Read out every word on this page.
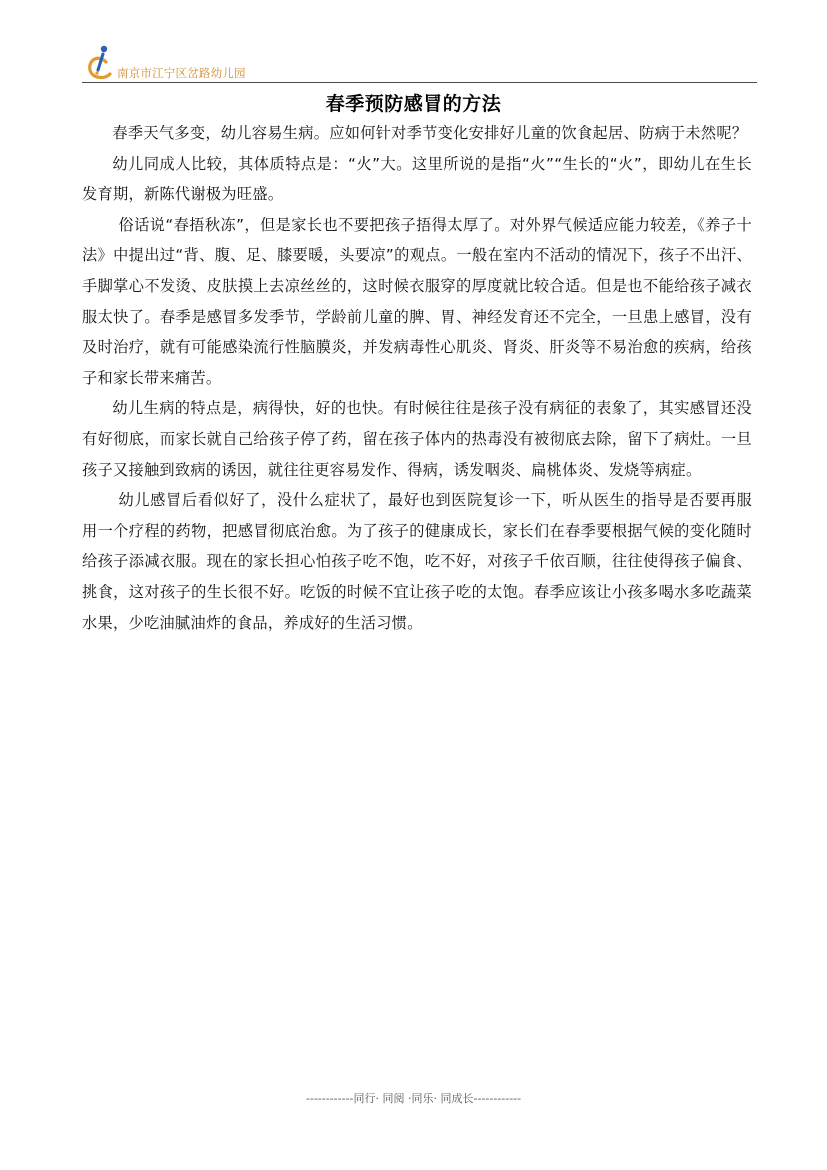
南京市江宁区岔路幼儿园
春季预防感冒的方法

春季天气多变，幼儿容易生病。应如何针对季节变化安排好儿童的饮食起居、防病于未然呢？

幼儿同成人比较，其体质特点是：“火”大。这里所说的是指“火”“生长的“火”，即幼儿在生长发育期，新陈代谢极为旺盛。

俗话说“春捂秋冻”，但是家长也不要把孩子捂得太厚了。对外界气候适应能力较差，《养子十法》中提出过“背、腹、足、膝要暖，头要凉”的观点。一般在室内不活动的情况下，孩子不出汗、手脚掌心不发烫、皮肤摸上去凉丝丝的，这时候衣服穿的厚度就比较合适。但是也不能给孩子减衣服太快了。春季是感冒多发季节，学龄前儿童的脾、胃、神经发育还不完全，一旦患上感冒，没有及时治疗，就有可能感染流行性脑膜炎，并发病毒性心肌炎、肾炎、肝炎等不易治愈的疾病，给孩子和家长带来痛苦。

幼儿生病的特点是，病得快，好的也快。有时候往往是孩子没有病征的表象了，其实感冒还没有好彻底，而家长就自己给孩子停了药，留在孩子体内的热毒没有被彻底去除，留下了病灶。一旦孩子又接触到致病的诱因，就往往更容易发作、得病，诱发咽炎、扁桃体炎、发烧等病症。

幼儿感冒后看似好了，没什么症状了，最好也到医院复诊一下，听从医生的指导是否要再服用一个疗程的药物，把感冒彻底治愈。为了孩子的健康成长，家长们在春季要根据气候的变化随时给孩子添减衣服。现在的家长担心怕孩子吃不饱，吃不好，对孩子千依百顺，往往使得孩子偏食、挑食，这对孩子的生长很不好。吃饭的时候不宜让孩子吃的太饱。春季应该让小孩多喝水多吃蔬菜水果，少吃油腻油炸的食品，养成好的生活习惯。

------------同行· 同阅 ·同乐· 同成长------------
